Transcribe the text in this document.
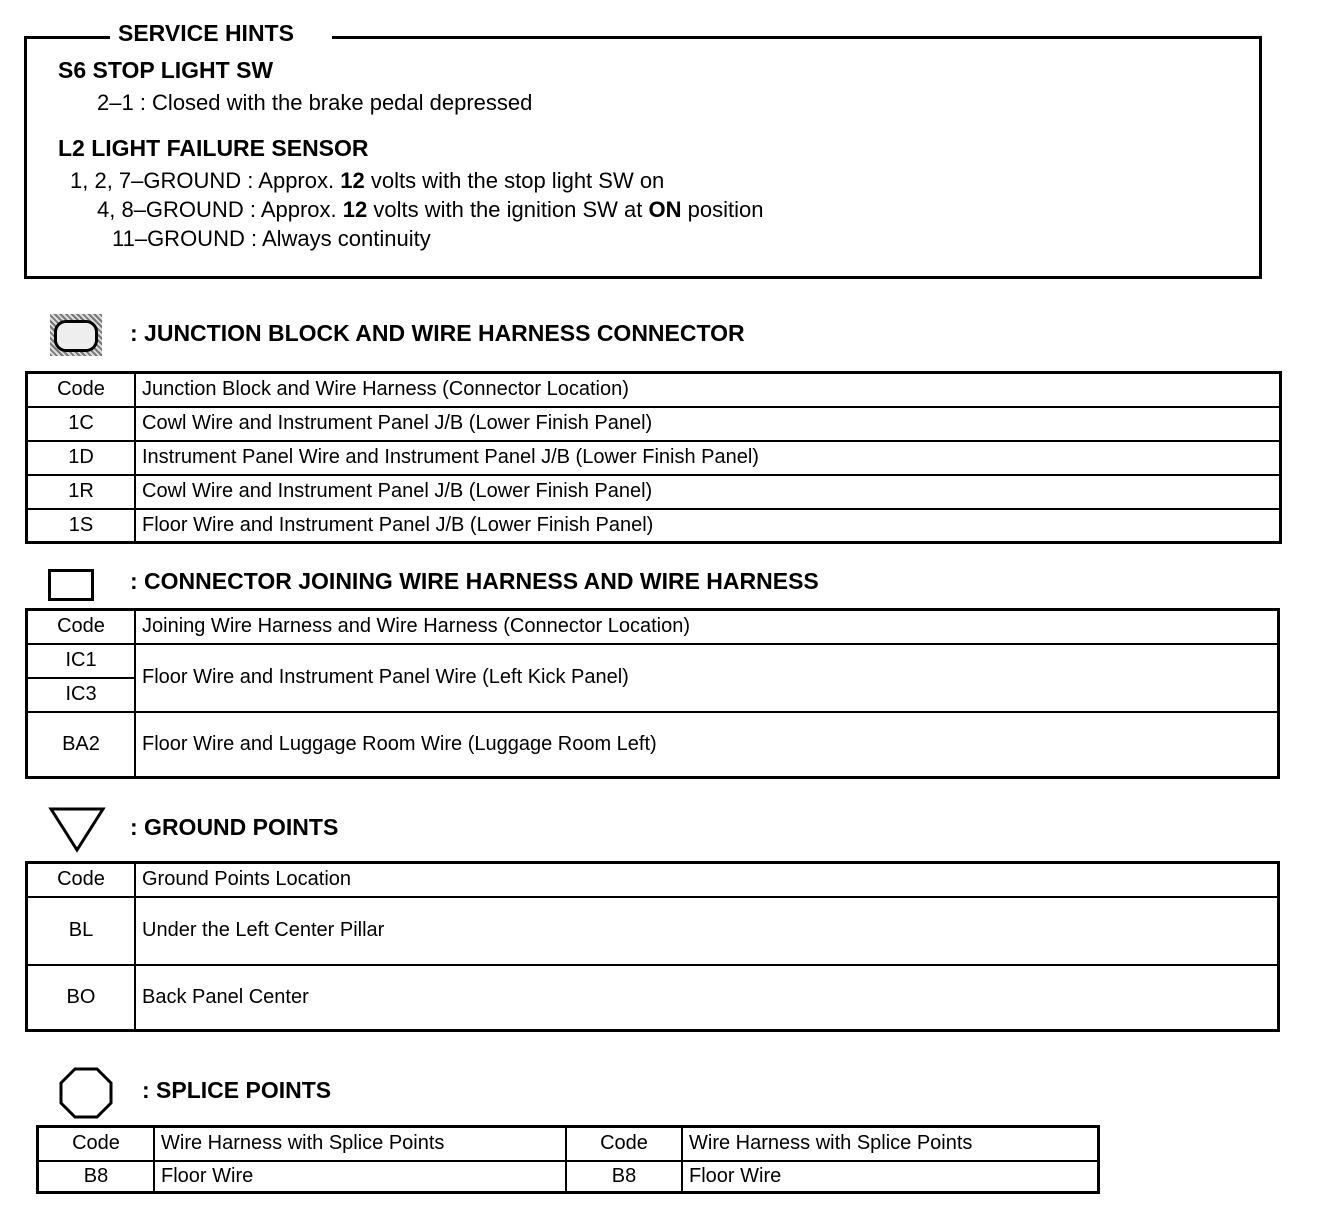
SERVICE HINTS
S6 STOP LIGHT SW
2–1 : Closed with the brake pedal depressed
L2 LIGHT FAILURE SENSOR
1, 2, 7–GROUND : Approx. 12 volts with the stop light SW on
4, 8–GROUND : Approx. 12 volts with the ignition SW at ON position
11–GROUND : Always continuity
: JUNCTION BLOCK AND WIRE HARNESS CONNECTOR
Code	Junction Block and Wire Harness (Connector Location)
1C	Cowl Wire and Instrument Panel J/B (Lower Finish Panel)
1D	Instrument Panel Wire and Instrument Panel J/B (Lower Finish Panel)
1R	Cowl Wire and Instrument Panel J/B (Lower Finish Panel)
1S	Floor Wire and Instrument Panel J/B (Lower Finish Panel)
: CONNECTOR JOINING WIRE HARNESS AND WIRE HARNESS
Code	Joining Wire Harness and Wire Harness (Connector Location)
IC1	Floor Wire and Instrument Panel Wire (Left Kick Panel)
IC3	
BA2	Floor Wire and Luggage Room Wire (Luggage Room Left)
: GROUND POINTS
Code	Ground Points Location
BL	Under the Left Center Pillar
BO	Back Panel Center
: SPLICE POINTS
Code	Wire Harness with Splice Points	Code	Wire Harness with Splice Points
B8	Floor Wire	B8	Floor Wire
